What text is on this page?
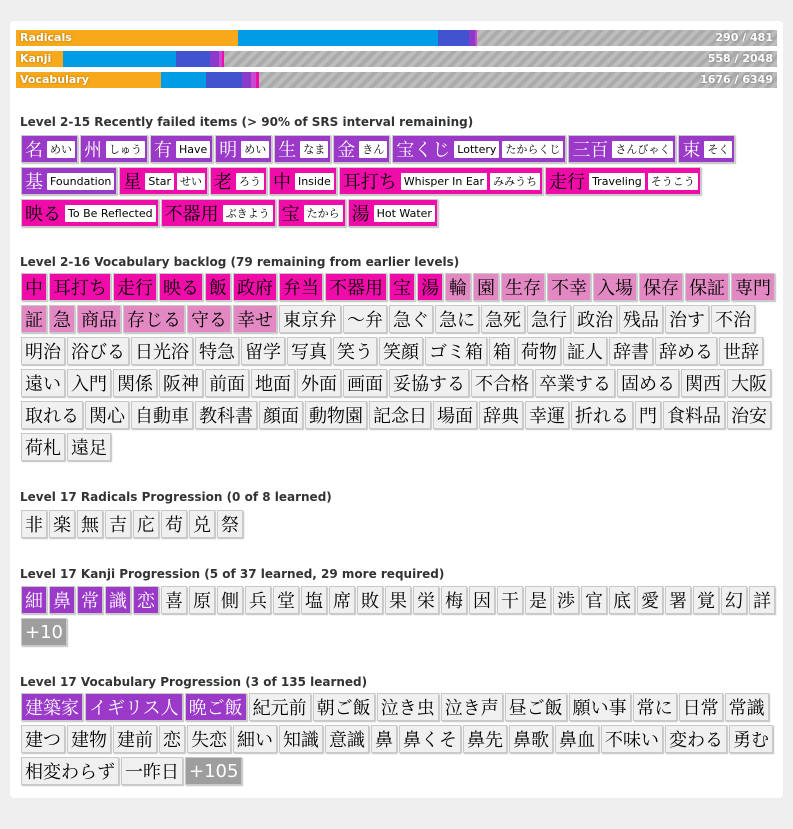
Radicals	290 / 481
Kanji	558 / 2048
Vocabulary	1676 / 6349
Level 2-15 Recently failed items (> 90% of SRS interval remaining)
名 めい 州 しゅう 有 Have 明 めい 生 なま 金 きん 宝くじ Lottery たからくじ 三百 さんびゃく 束 そく
基 Foundation 星 Star せい 老 ろう 中 Inside 耳打ち Whisper In Ear みみうち 走行 Traveling そうこう
映る To Be Reflected 不器用 ぶきよう 宝 たから 湯 Hot Water
Level 2-16 Vocabulary backlog (79 remaining from earlier levels)
中 耳打ち 走行 映る 飯 政府 弁当 不器用 宝 湯 輪 園 生存 不幸 入場 保存 保証 専門
証 急 商品 存じる 守る 幸せ 東京弁 〜弁 急ぐ 急に 急死 急行 政治 残品 治す 不治
明治 浴びる 日光浴 特急 留学 写真 笑う 笑顔 ゴミ箱 箱 荷物 証人 辞書 辞める 世辞
遠い 入門 関係 阪神 前面 地面 外面 画面 妥協する 不合格 卒業する 固める 関西 大阪
取れる 関心 自動車 教科書 顔面 動物園 記念日 場面 辞典 幸運 折れる 門 食料品 治安
荷札 遠足
Level 17 Radicals Progression (0 of 8 learned)
非 楽 無 吉 庀 苟 兑 祭
Level 17 Kanji Progression (5 of 37 learned, 29 more required)
細 鼻 常 識 恋 喜 原 側 兵 堂 塩 席 敗 果 栄 梅 因 干 是 渉 官 底 愛 署 覚 幻 詳
+10
Level 17 Vocabulary Progression (3 of 135 learned)
建築家 イギリス人 晩ご飯 紀元前 朝ご飯 泣き虫 泣き声 昼ご飯 願い事 常に 日常 常識
建つ 建物 建前 恋 失恋 細い 知識 意識 鼻 鼻くそ 鼻先 鼻歌 鼻血 不味い 変わる 勇む
相変わらず 一昨日 +105
